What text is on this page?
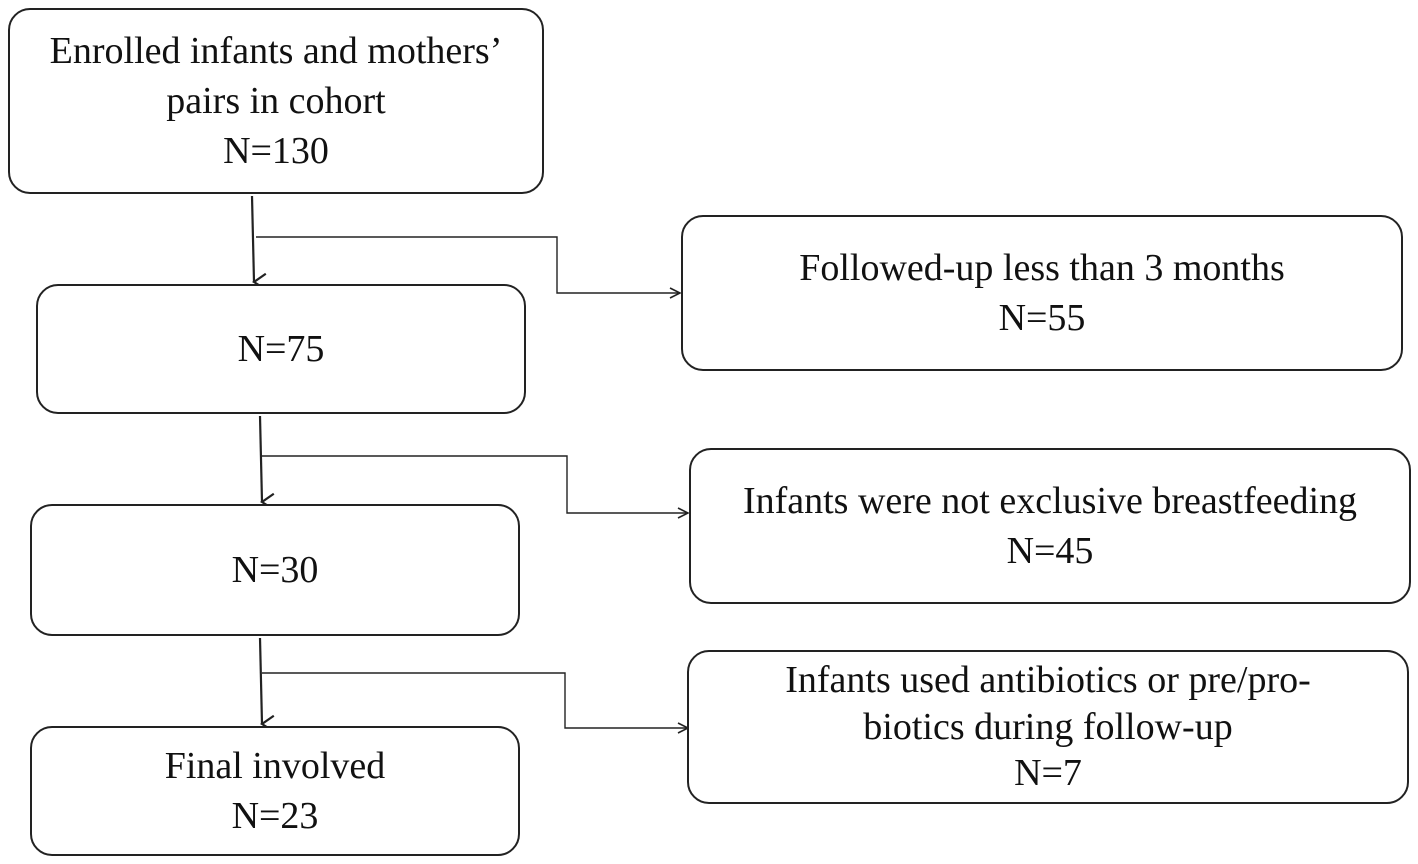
Enrolled infants and mothers’
pairs in cohort
N=130
N=75
N=30
Final involved
N=23
Followed-up less than 3 months
N=55
Infants were not exclusive breastfeeding
N=45
Infants used antibiotics or pre/pro-
biotics during follow-up
N=7
